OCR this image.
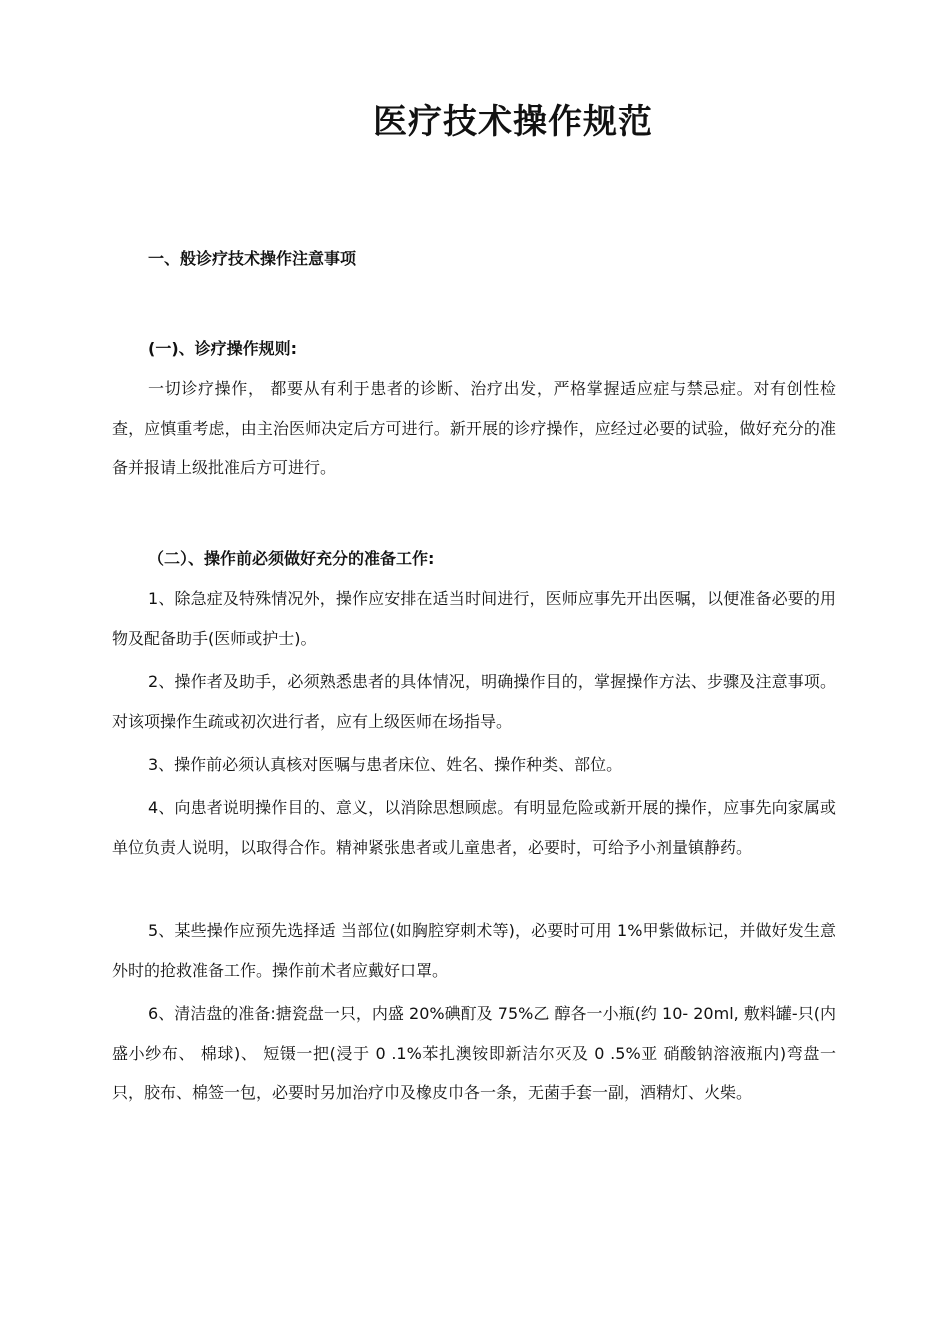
医疗技术操作规范

一、般诊疗技术操作注意事项

(一)、诊疗操作规则:

一切诊疗操作， 都要从有利于患者的诊断、治疗出发，严格掌握适应症与禁忌症。对有创性检查，应慎重考虑，由主治医师决定后方可进行。新开展的诊疗操作，应经过必要的试验，做好充分的准备并报请上级批准后方可进行。

（二）、操作前必须做好充分的准备工作:

1、除急症及特殊情况外，操作应安排在适当时间进行，医师应事先开出医嘱，以便准备必要的用物及配备助手(医师或护士)。

2、操作者及助手，必须熟悉患者的具体情况，明确操作目的，掌握操作方法、步骤及注意事项。对该项操作生疏或初次进行者，应有上级医师在场指导。

3、操作前必须认真核对医嘱与患者床位、姓名、操作种类、部位。

4、向患者说明操作目的、意义，以消除思想顾虑。有明显危险或新开展的操作，应事先向家属或单位负责人说明，以取得合作。精神紧张患者或儿童患者，必要时，可给予小剂量镇静药。

5、某些操作应预先选择适 当部位(如胸腔穿刺术等)，必要时可用 1%甲紫做标记，并做好发生意外时的抢救准备工作。操作前术者应戴好口罩。

6、清洁盘的准备:搪瓷盘一只，内盛 20%碘酊及 75%乙 醇各一小瓶(约 10- 20ml, 敷料罐-只(内盛小纱布、 棉球)、 短镊一把(浸于 0 .1%苯扎澳铵即新洁尔灭及 0 .5%亚 硝酸钠溶液瓶内)弯盘一只，胶布、棉签一包，必要时另加治疗巾及橡皮巾各一条，无菌手套一副，酒精灯、火柴。
